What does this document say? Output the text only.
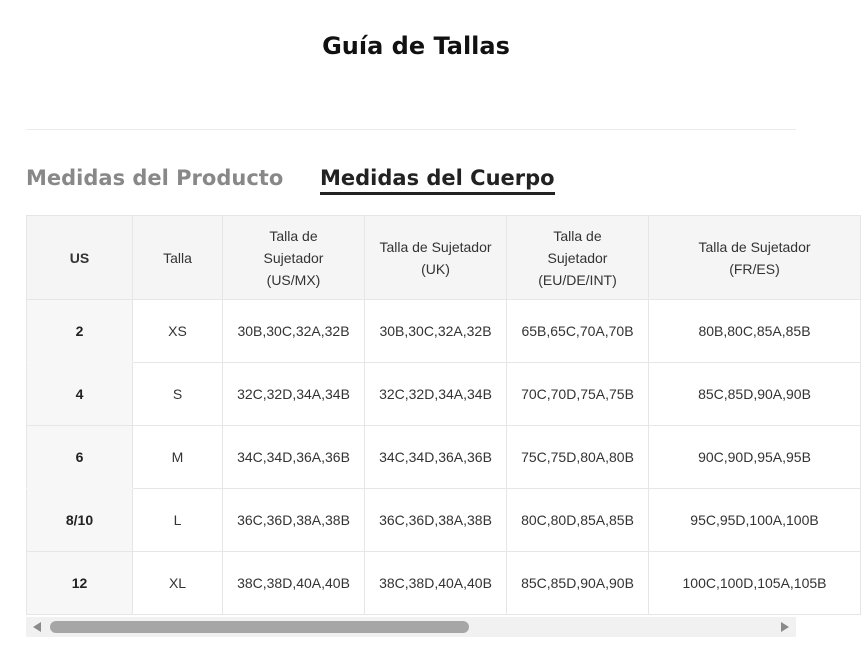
Guía de Tallas
Medidas del Producto Medidas del Cuerpo
US	Talla	Talla de Sujetador (US/MX)	Talla de Sujetador (UK)	Talla de Sujetador (EU/DE/INT)	Talla de Sujetador (FR/ES)

2	XS	30B,30C,32A,32B	30B,30C,32A,32B	65B,65C,70A,70B	80B,80C,85A,85B
4	S	32C,32D,34A,34B	32C,32D,34A,34B	70C,70D,75A,75B	85C,85D,90A,90B
6	M	34C,34D,36A,36B	34C,34D,36A,36B	75C,75D,80A,80B	90C,90D,95A,95B
8/10	L	36C,36D,38A,38B	36C,36D,38A,38B	80C,80D,85A,85B	95C,95D,100A,100B
12	XL	38C,38D,40A,40B	38C,38D,40A,40B	85C,85D,90A,90B	100C,100D,105A,105B
